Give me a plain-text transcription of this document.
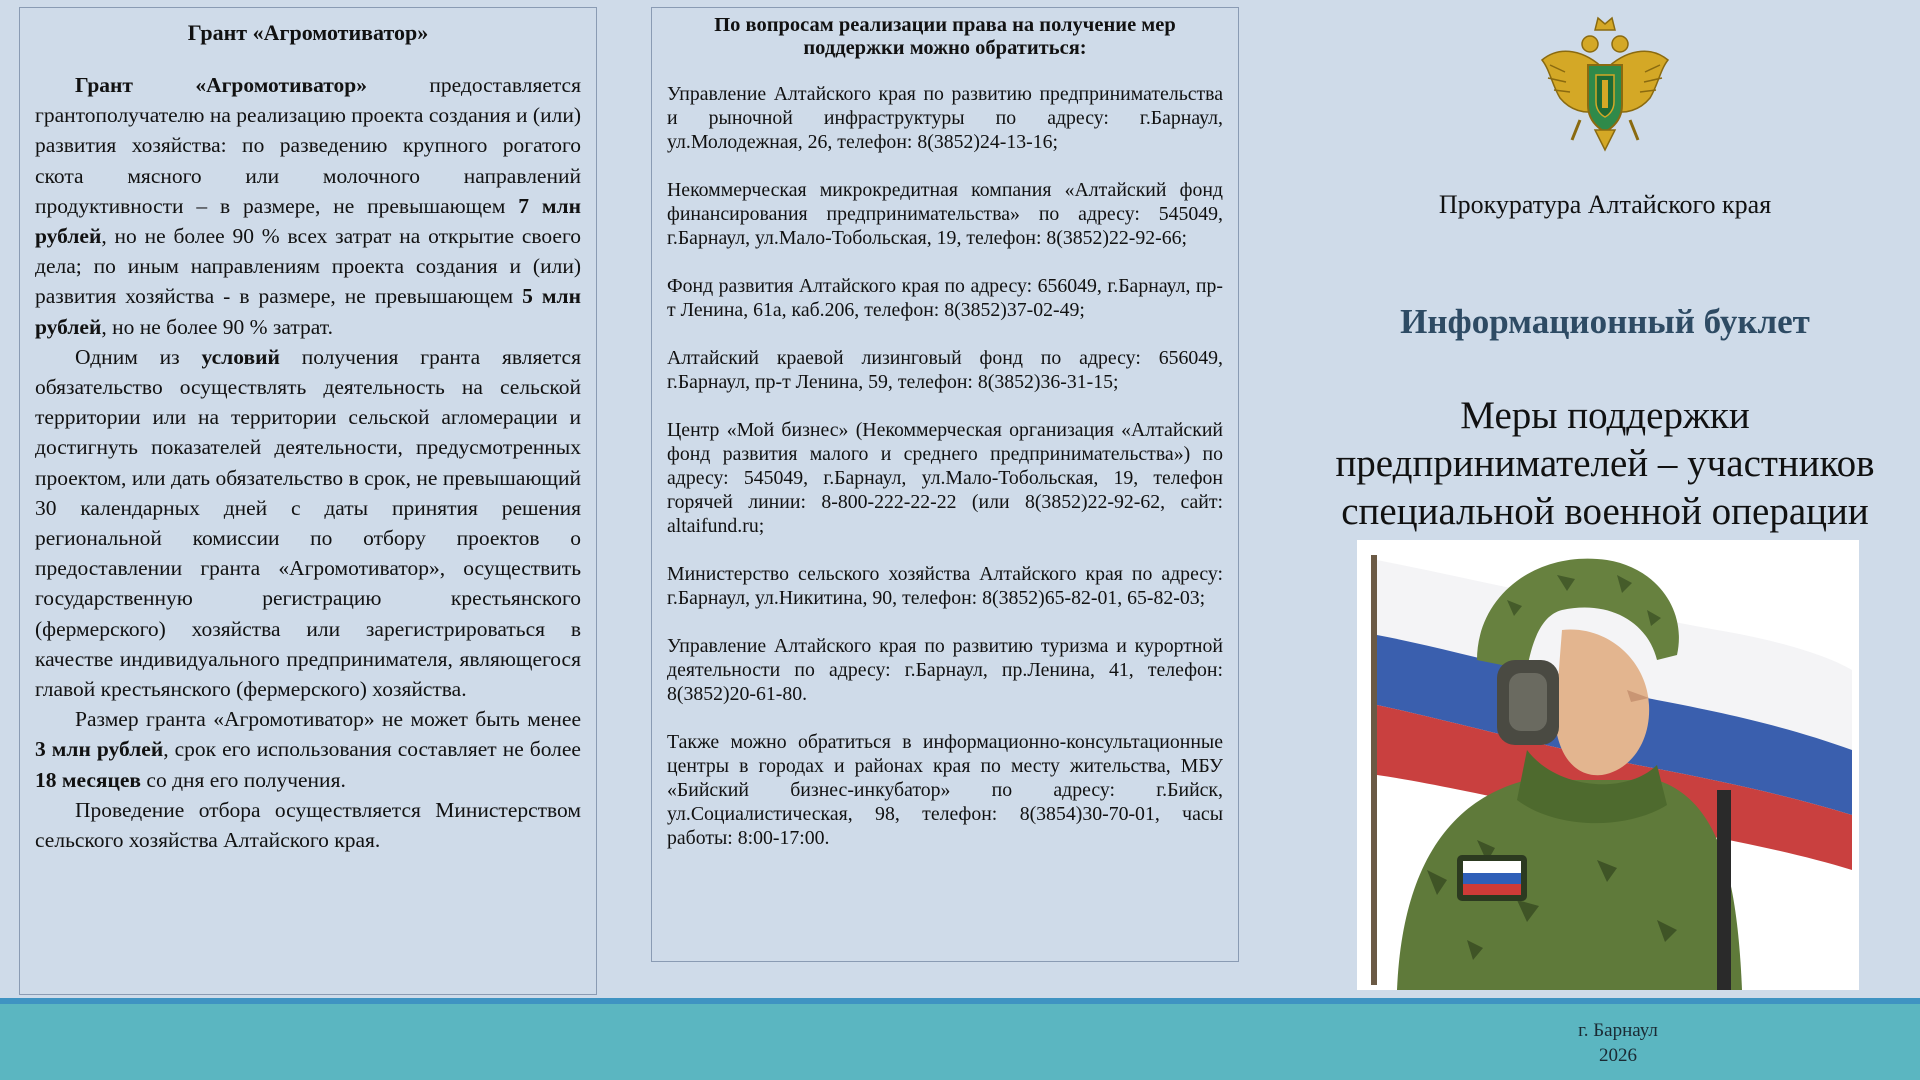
Грант «Агромотиватор»

Грант «Агромотиватор» предоставляется грантополучателю на реализацию проекта создания и (или) развития хозяйства: по разведению крупного рогатого скота мясного или молочного направлений продуктивности – в размере, не превышающем 7 млн рублей, но не более 90 % всех затрат на открытие своего дела; по иным направлениям проекта создания и (или) развития хозяйства - в размере, не превышающем 5 млн рублей, но не более 90 % затрат.

Одним из условий получения гранта является обязательство осуществлять деятельность на сельской территории или на территории сельской агломерации и достигнуть показателей деятельности, предусмотренных проектом, или дать обязательство в срок, не превышающий 30 календарных дней с даты принятия решения региональной комиссии по отбору проектов о предоставлении гранта «Агромотиватор», осуществить государственную регистрацию крестьянского (фермерского) хозяйства или зарегистрироваться в качестве индивидуального предпринимателя, являющегося главой крестьянского (фермерского) хозяйства.

Размер гранта «Агромотиватор» не может быть менее 3 млн рублей, срок его использования составляет не более 18 месяцев со дня его получения.

Проведение отбора осуществляется Министерством сельского хозяйства Алтайского края.

По вопросам реализации права на получение мер поддержки можно обратиться:

Управление Алтайского края по развитию предпринимательства и рыночной инфраструктуры по адресу: г.Барнаул, ул.Молодежная, 26, телефон: 8(3852)24-13-16;

Некоммерческая микрокредитная компания «Алтайский фонд финансирования предпринимательства» по адресу: 545049, г.Барнаул, ул.Мало-Тобольская, 19, телефон: 8(3852)22-92-66;

Фонд развития Алтайского края по адресу: 656049, г.Барнаул, пр-т Ленина, 61а, каб.206, телефон: 8(3852)37-02-49;

Алтайский краевой лизинговый фонд по адресу: 656049, г.Барнаул, пр-т Ленина, 59, телефон: 8(3852)36-31-15;

Центр «Мой бизнес» (Некоммерческая организация «Алтайский фонд развития малого и среднего предпринимательства») по адресу: 545049, г.Барнаул, ул.Мало-Тобольская, 19, телефон горячей линии: 8-800-222-22-22 (или 8(3852)22-92-62, сайт: altaifund.ru;

Министерство сельского хозяйства Алтайского края по адресу: г.Барнаул, ул.Никитина, 90, телефон: 8(3852)65-82-01, 65-82-03;

Управление Алтайского края по развитию туризма и курортной деятельности по адресу: г.Барнаул, пр.Ленина, 41, телефон: 8(3852)20-61-80.

Также можно обратиться в информационно-консультационные центры в городах и районах края по месту жительства, МБУ «Бийский бизнес-инкубатор» по адресу: г.Бийск, ул.Социалистическая, 98, телефон: 8(3854)30-70-01, часы работы: 8:00-17:00.

Прокуратура Алтайского края
Информационный буклет
Меры поддержки предпринимателей – участников специальной военной операции
г. Барнаул
2026
